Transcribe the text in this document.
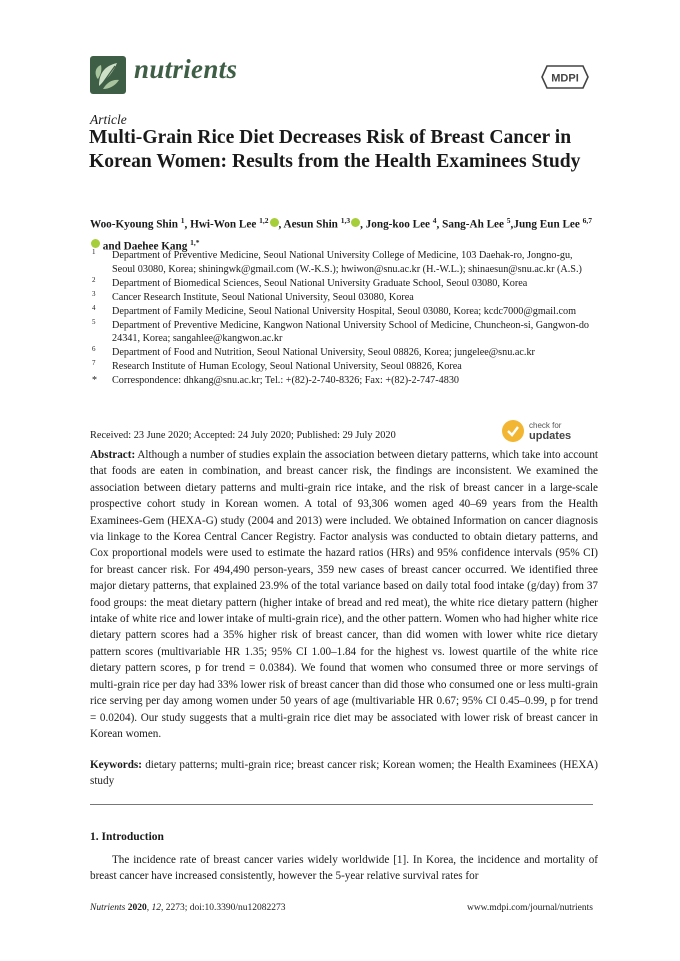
nutrients	MDPI
Article
Multi-Grain Rice Diet Decreases Risk of Breast Cancer in Korean Women: Results from the Health Examinees Study
Woo-Kyoung Shin $^1$, Hwi-Won Lee $^{1,2}$ , Aesun Shin $^{1,3}$ , Jong-koo Lee $^4$, Sang-Ah Lee $^5$,Jung Eun Lee $^{6,7}$ and Daehee Kang $^{1,*}$
1 Department of Preventive Medicine, Seoul National University College of Medicine, 103 Daehak-ro, Jongno-gu, Seoul 03080, Korea; shiningwk@gmail.com (W.-K.S.); hwiwon@snu.ac.kr (H.-W.L.); shinaesun@snu.ac.kr (A.S.)
2 Department of Biomedical Sciences, Seoul National University Graduate School, Seoul 03080, Korea
3 Cancer Research Institute, Seoul National University, Seoul 03080, Korea
4 Department of Family Medicine, Seoul National University Hospital, Seoul 03080, Korea; kcdc7000@gmail.com
5 Department of Preventive Medicine, Kangwon National University School of Medicine, Chuncheon-si, Gangwon-do 24341, Korea; sangahlee@kangwon.ac.kr
6 Department of Food and Nutrition, Seoul National University, Seoul 08826, Korea; jungelee@snu.ac.kr
7 Research Institute of Human Ecology, Seoul National University, Seoul 08826, Korea
* Correspondence: dhkang@snu.ac.kr; Tel.: +(82)-2-740-8326; Fax: +(82)-2-747-4830
Received: 23 June 2020; Accepted: 24 July 2020; Published: 29 July 2020
check for
updates
Abstract: Although a number of studies explain the association between dietary patterns, which take into account that foods are eaten in combination, and breast cancer risk, the findings are inconsistent. We examined the association between dietary patterns and multi-grain rice intake, and the risk of breast cancer in a large-scale prospective cohort study in Korean women. A total of 93,306 women aged 40–69 years from the Health Examinees-Gem (HEXA-G) study (2004 and 2013) were included. We obtained Information on cancer diagnosis via linkage to the Korea Central Cancer Registry. Factor analysis was conducted to obtain dietary patterns, and Cox proportional models were used to estimate the hazard ratios (HRs) and 95% confidence intervals (95% CI) for breast cancer risk. For 494,490 person-years, 359 new cases of breast cancer occurred. We identified three major dietary patterns, that explained 23.9% of the total variance based on daily total food intake (g/day) from 37 food groups: the meat dietary pattern (higher intake of bread and red meat), the white rice dietary pattern (higher intake of white rice and lower intake of multi-grain rice), and the other pattern. Women who had higher white rice dietary pattern scores had a 35% higher risk of breast cancer, than did women with lower white rice dietary pattern scores (multivariable HR 1.35; 95% CI 1.00–1.84 for the highest vs. lowest quartile of the white rice dietary pattern scores, p for trend = 0.0384). We found that women who consumed three or more servings of multi-grain rice per day had 33% lower risk of breast cancer than did those who consumed one or less multi-grain rice serving per day among women under 50 years of age (multivariable HR 0.67; 95% CI 0.45–0.99, p for trend = 0.0204). Our study suggests that a multi-grain rice diet may be associated with lower risk of breast cancer in Korean women.
Keywords: dietary patterns; multi-grain rice; breast cancer risk; Korean women; the Health Examinees (HEXA) study
1. Introduction
The incidence rate of breast cancer varies widely worldwide [1]. In Korea, the incidence and mortality of breast cancer have increased consistently, however the 5-year relative survival rates for
Nutrients 2020, 12, 2273; doi:10.3390/nu12082273	www.mdpi.com/journal/nutrients
